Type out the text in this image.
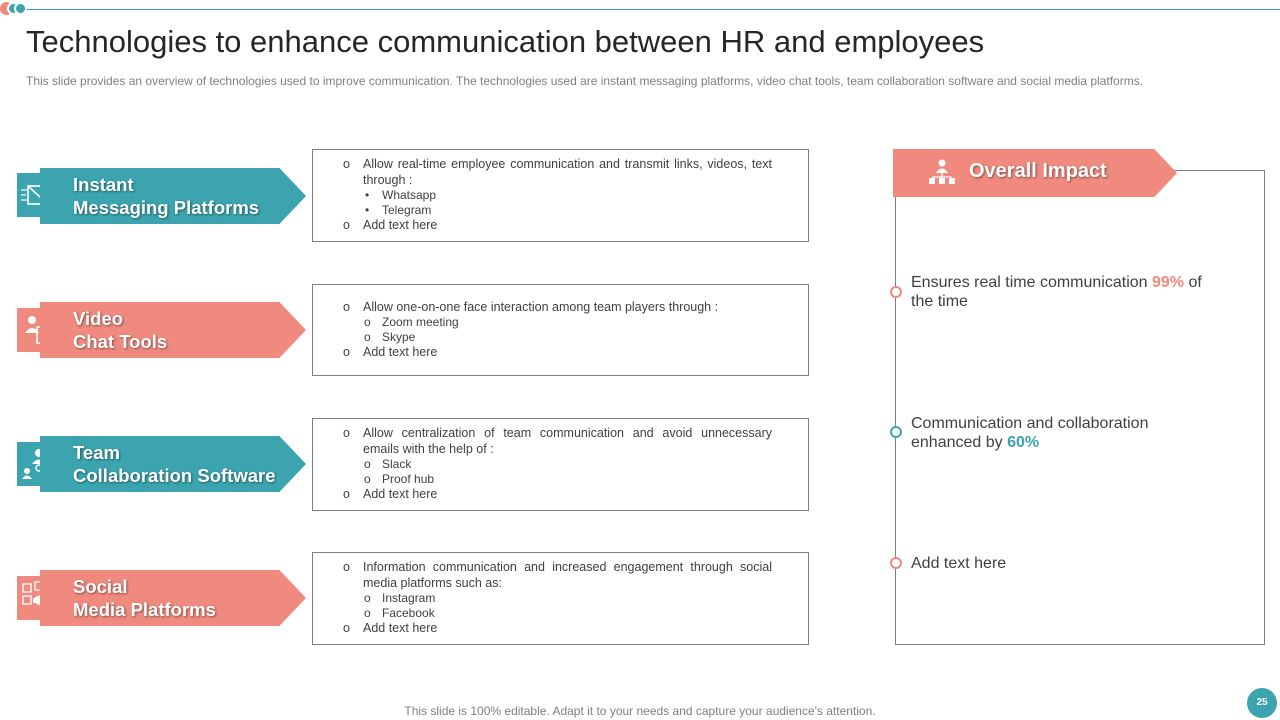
Technologies to enhance communication between HR and employees
This slide provides an overview of technologies used to improve communication. The technologies used are instant messaging platforms, video chat tools, team collaboration software and social media platforms.
Instant
Messaging Platforms
o Allow real-time employee communication and transmit links, videos, text through :
• Whatsapp
• Telegram
o Add text here
Video
Chat Tools
o Allow one-on-one face interaction among team players through :
o Zoom meeting
o Skype
o Add text here
Team
Collaboration Software
o Allow centralization of team communication and avoid unnecessary emails with the help of :
o Slack
o Proof hub
o Add text here
Social
Media Platforms
o Information communication and increased engagement through social media platforms such as:
o Instagram
o Facebook
o Add text here
Overall Impact
Ensures real time communication 99% of the time
Communication and collaboration enhanced by 60%
Add text here
This slide is 100% editable. Adapt it to your needs and capture your audience's attention.
25
